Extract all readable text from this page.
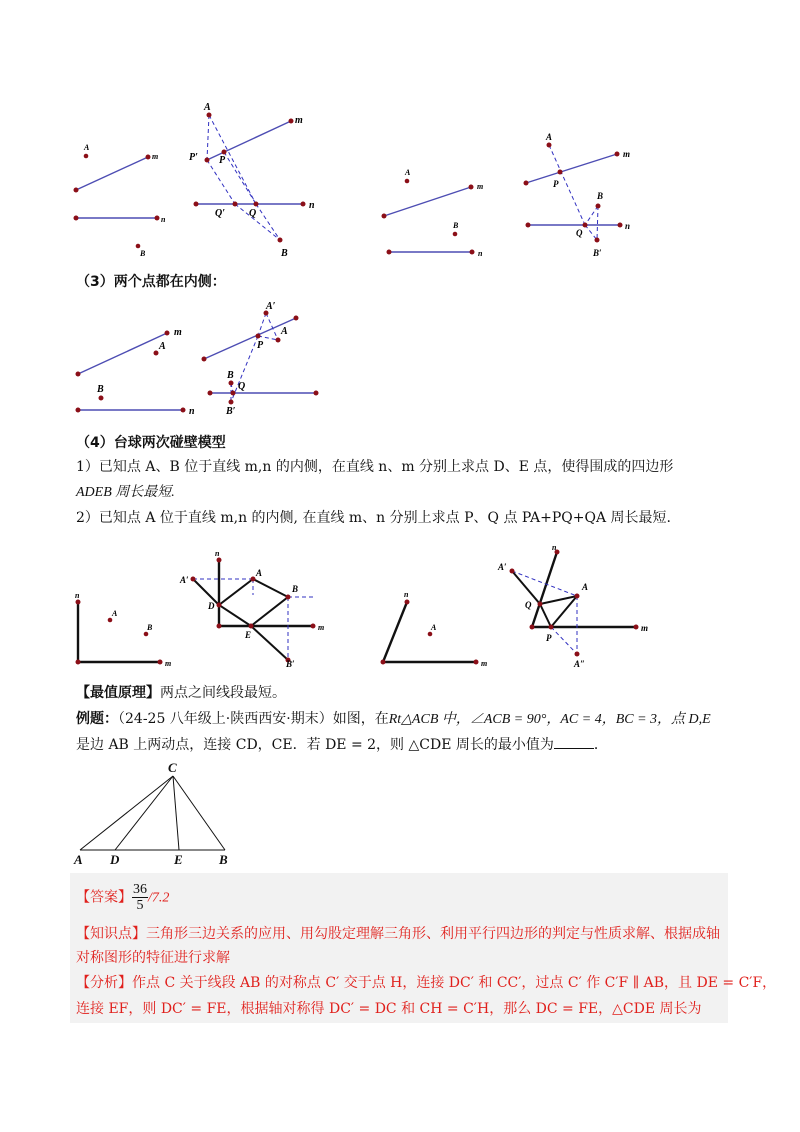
A
m
n
B
A
m
P′ P
Q′ Q
n
B
A
m
B
n
A
m
P
B
Q
n
B′
（3）两个点都在内侧：
A
m
B
n
A′
A
P
B
Q
B′
（4）台球两次碰壁模型
1）已知点 A、B 位于直线 m,n 的内侧，在直线 n、m 分别上求点 D、E 点，使得围成的四边形
ADEB 周长最短.
2）已知点 A 位于直线 m,n 的内侧, 在直线 m、n 分别上求点 P、Q 点 PA+PQ+QA 周长最短.
n
A
B
m
n
A′
A
B
D
E
m
B′
n
A
m
n
A′
A
Q
P
m
A″
【最值原理】两点之间线段最短。
例题：（24-25 八年级上·陕西西安·期末）如图，在Rt△ACB 中，∠ACB = 90°，AC = 4，BC = 3，点 D,E
是边 AB 上两动点，连接 CD，CE．若 DE = 2，则 △CDE 周长的最小值为	．
C
A D	E	B
【答案】 $\frac{36}{5} /7.2$
【知识点】三角形三边关系的应用、用勾股定理解三角形、利用平行四边形的判定与性质求解、根据成轴
对称图形的特征进行求解
【分析】作点 C 关于线段 AB 的对称点 C′ 交于点 H，连接 DC′ 和 CC′，过点 C′ 作 C′F ∥ AB，且 DE = C′F，
连接 EF，则 DC′ = FE，根据轴对称得 DC′ = DC 和 CH = C′H，那么 DC = FE，△CDE 周长为
